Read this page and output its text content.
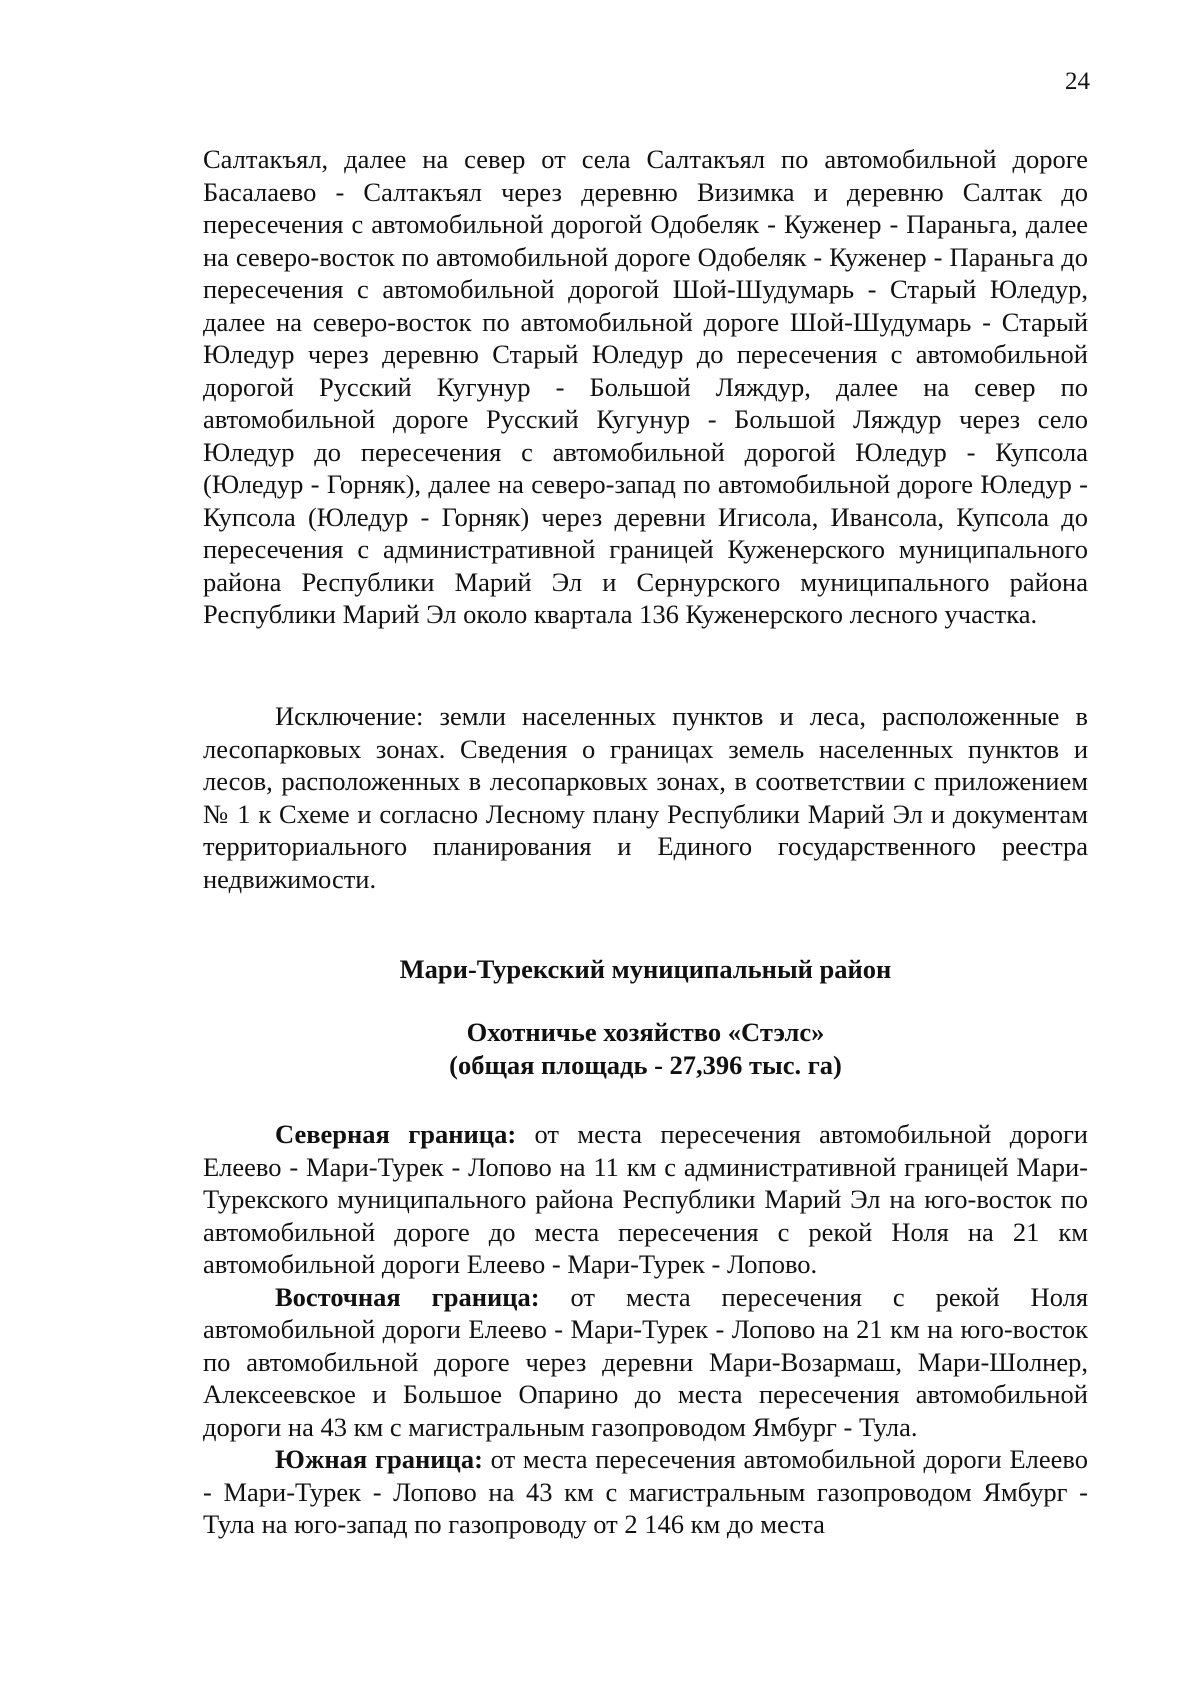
24

Салтакъял, далее на север от села Салтакъял по автомобильной дороге Басалаево - Салтакъял через деревню Визимка и деревню Салтак до пересечения с автомобильной дорогой Одобеляк - Куженер - Параньга, далее на северо-восток по автомобильной дороге Одобеляк - Куженер - Параньга до пересечения с автомобильной дорогой Шой-Шудумарь - Старый Юледур, далее на северо-восток по автомобильной дороге Шой-Шудумарь - Старый Юледур через деревню Старый Юледур до пересечения с автомобильной дорогой Русский Кугунур - Большой Ляждур, далее на север по автомобильной дороге Русский Кугунур - Большой Ляждур через село Юледур до пересечения с автомобильной дорогой Юледур - Купсола (Юледур - Горняк), далее на северо-запад по автомобильной дороге Юледур - Купсола (Юледур - Горняк) через деревни Игисола, Ивансола, Купсола до пересечения с административной границей Куженерского муниципального района Республики Марий Эл и Сернурского муниципального района Республики Марий Эл около квартала 136 Куженерского лесного участка.

Исключение: земли населенных пунктов и леса, расположенные в лесопарковых зонах. Сведения о границах земель населенных пунктов и лесов, расположенных в лесопарковых зонах, в соответствии с приложением № 1 к Схеме и согласно Лесному плану Республики Марий Эл и документам территориального планирования и Единого государственного реестра недвижимости.

Мари-Турекский муниципальный район

Охотничье хозяйство «Стэлс»

(общая площадь - 27,396 тыс. га)

Северная граница: от места пересечения автомобильной дороги Елеево - Мари-Турек - Лопово на 11 км с административной границей Мари-Турекского муниципального района Республики Марий Эл на юго-восток по автомобильной дороге до места пересечения с рекой Ноля на 21 км автомобильной дороги Елеево - Мари-Турек - Лопово.

Восточная граница: от места пересечения с рекой Ноля автомобильной дороги Елеево - Мари-Турек - Лопово на 21 км на юго-восток по автомобильной дороге через деревни Мари-Возармаш, Мари-Шолнер, Алексеевское и Большое Опарино до места пересечения автомобильной дороги на 43 км с магистральным газопроводом Ямбург - Тула.

Южная граница: от места пересечения автомобильной дороги Елеево - Мари-Турек - Лопово на 43 км с магистральным газопроводом Ямбург - Тула на юго-запад по газопроводу от 2 146 км до места
